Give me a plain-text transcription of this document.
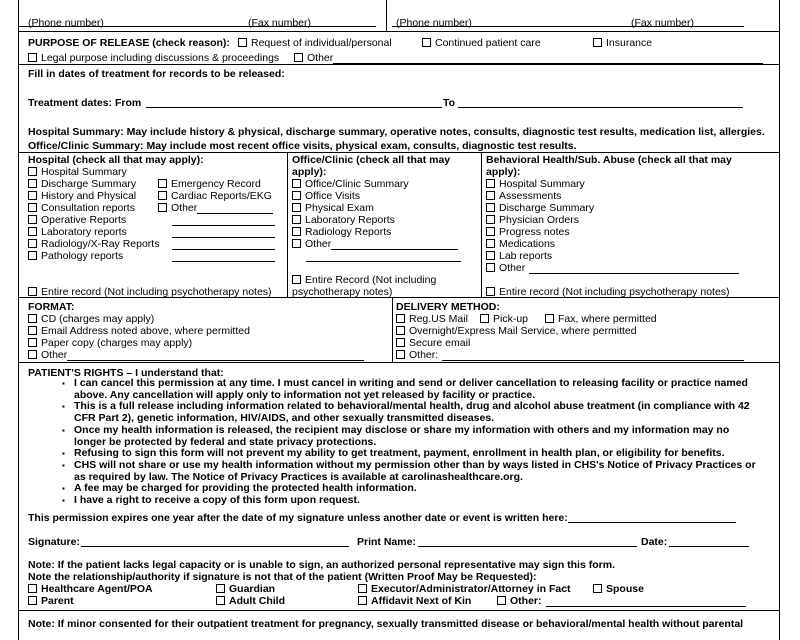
(Phone number)	(Fax number)	(Phone number)	(Fax number)
PURPOSE OF RELEASE (check reason):	Request of individual/personal	Continued patient care	Insurance
Legal purpose including discussions & proceedings	Other
Fill in dates of treatment for records to be released:
Treatment dates: From	To
Hospital Summary: May include history & physical, discharge summary, operative notes, consults, diagnostic test results, medication list, allergies.
Office/Clinic Summary: May include most recent office visits, physical exam, consults, diagnostic test results.
Hospital (check all that may apply):
Hospital Summary
Discharge Summary
History and Physical
Consultation reports
Operative Reports
Laboratory reports
Radiology/X-Ray Reports
Pathology reports
Emergency Record
Cardiac Reports/EKG
Other
Entire record (Not including psychotherapy notes)
Office/Clinic (check all that may
apply):
Office/Clinic Summary
Office Visits
Physical Exam
Laboratory Reports
Radiology Reports
Other
Entire Record (Not including
psychotherapy notes)
Behavioral Health/Sub. Abuse (check all that may
apply):
Hospital Summary
Assessments
Discharge Summary
Physician Orders
Progress notes
Medications
Lab reports
Other
Entire record (Not including psychotherapy notes)
FORMAT:
CD (charges may apply)
Email Address noted above, where permitted
Paper copy (charges may apply)
Other
DELIVERY METHOD:
Reg.US Mail	Pick-up	Fax, where permitted
Overnight/Express Mail Service, where permitted
Secure email
Other:
PATIENT'S RIGHTS – I understand that:
▪ I can cancel this permission at any time. I must cancel in writing and send or deliver cancellation to releasing facility or practice named above. Any cancellation will apply only to information not yet released by facility or practice.
▪ This is a full release including information related to behavioral/mental health, drug and alcohol abuse treatment (in compliance with 42 CFR Part 2), genetic information, HIV/AIDS, and other sexually transmitted diseases.
▪ Once my health information is released, the recipient may disclose or share my information with others and my information may no longer be protected by federal and state privacy protections.
▪ Refusing to sign this form will not prevent my ability to get treatment, payment, enrollment in health plan, or eligibility for benefits.
▪ CHS will not share or use my health information without my permission other than by ways listed in CHS's Notice of Privacy Practices or as required by law. The Notice of Privacy Practices is available at carolinashealthcare.org.
▪ A fee may be charged for providing the protected health information.
▪ I have a right to receive a copy of this form upon request.
This permission expires one year after the date of my signature unless another date or event is written here:
Signature:	Print Name:	Date:
Note: If the patient lacks legal capacity or is unable to sign, an authorized personal representative may sign this form.
Note the relationship/authority if signature is not that of the patient (Written Proof May be Requested):
Healthcare Agent/POA	Guardian	Executor/Administrator/Attorney in Fact	Spouse
Parent	Adult Child	Affidavit Next of Kin	Other:
Note: If minor consented for their outpatient treatment for pregnancy, sexually transmitted disease or behavioral/mental health without parental
